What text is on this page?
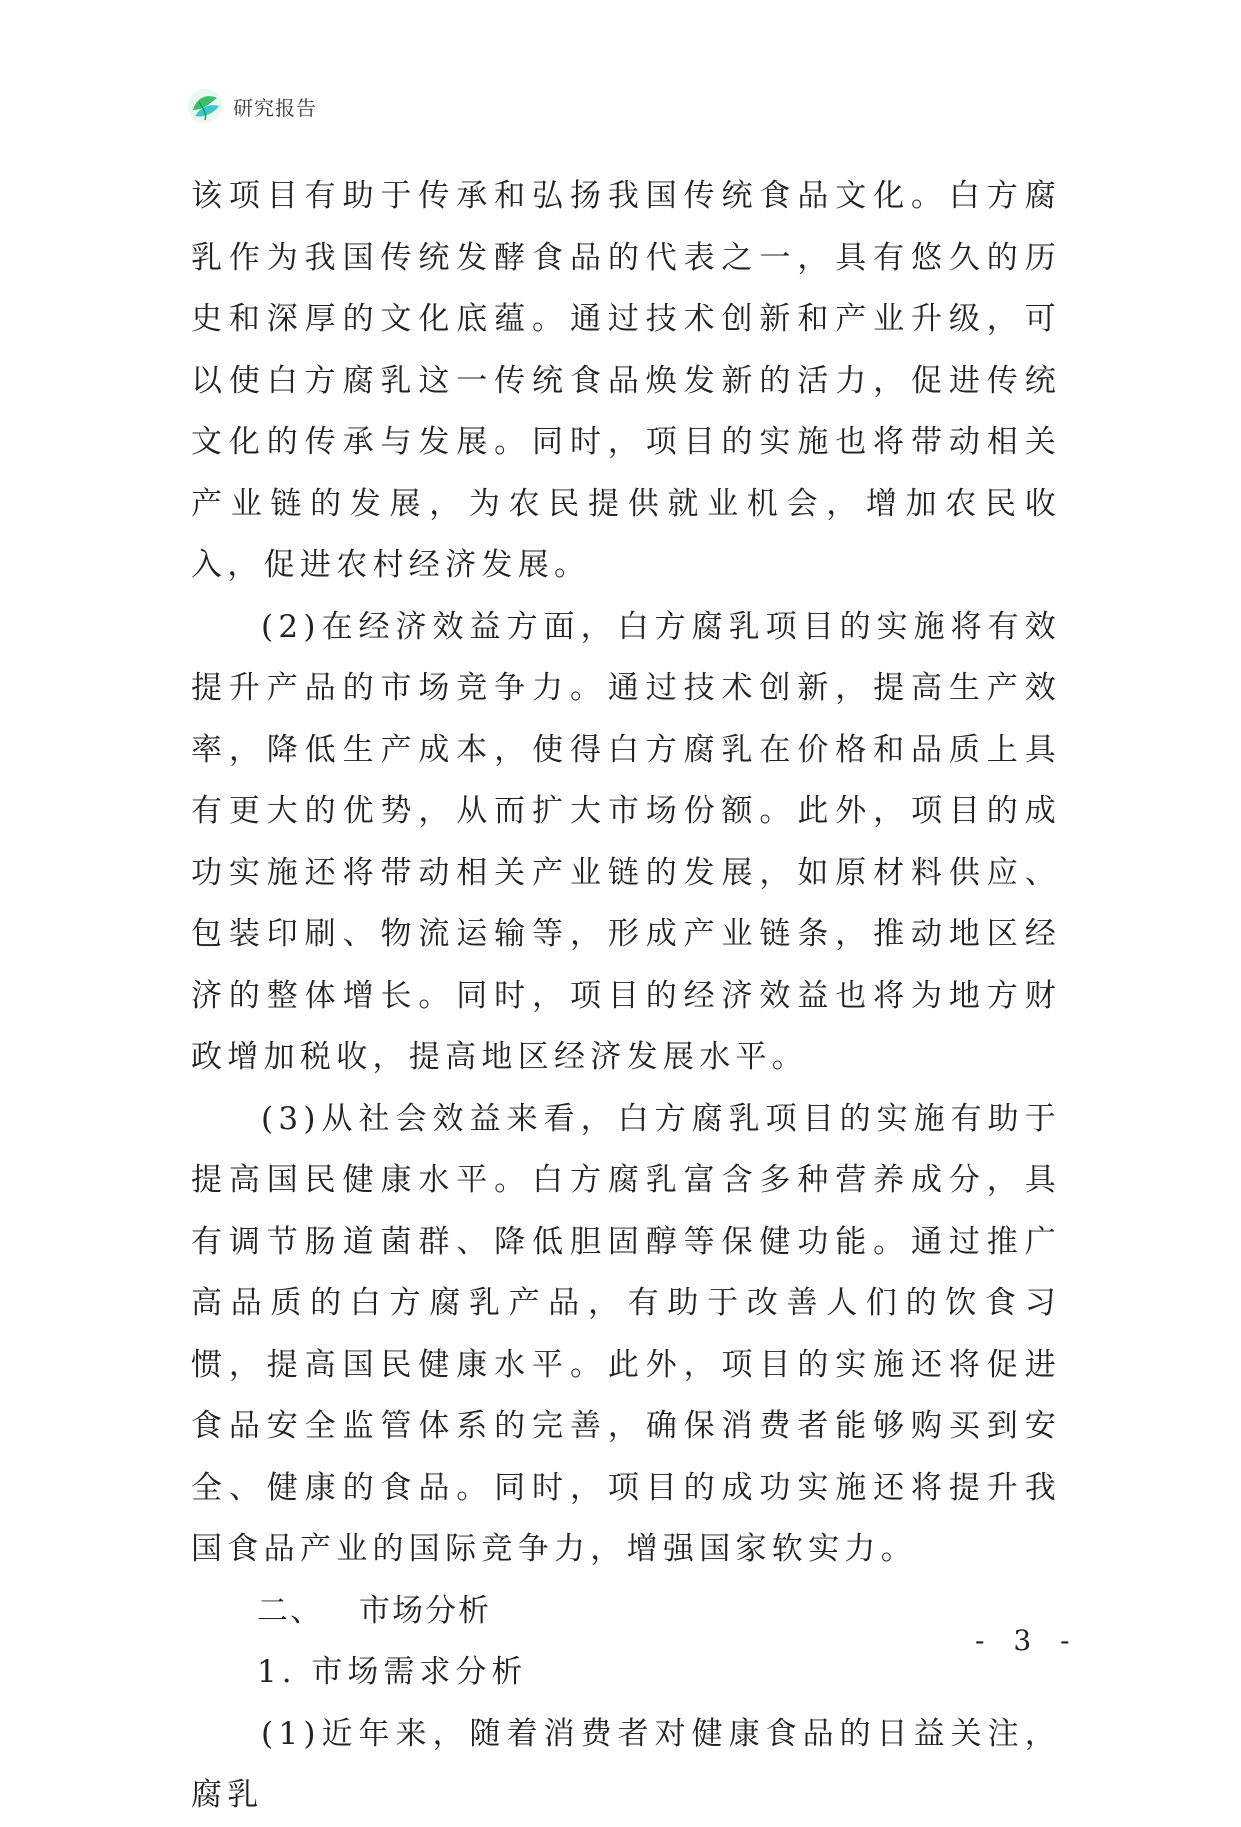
研究报告

该项目有助于传承和弘扬我国传统食品文化。白方腐乳作为我国传统发酵食品的代表之一，具有悠久的历史和深厚的文化底蕴。通过技术创新和产业升级，可以使白方腐乳这一传统食品焕发新的活力，促进传统文化的传承与发展。同时，项目的实施也将带动相关产业链的发展，为农民提供就业机会，增加农民收入，促进农村经济发展。

(2)在经济效益方面，白方腐乳项目的实施将有效提升产品的市场竞争力。通过技术创新，提高生产效率，降低生产成本，使得白方腐乳在价格和品质上具有更大的优势，从而扩大市场份额。此外，项目的成功实施还将带动相关产业链的发展，如原材料供应、包装印刷、物流运输等，形成产业链条，推动地区经济的整体增长。同时，项目的经济效益也将为地方财政增加税收，提高地区经济发展水平。

(3)从社会效益来看，白方腐乳项目的实施有助于提高国民健康水平。白方腐乳富含多种营养成分，具有调节肠道菌群、降低胆固醇等保健功能。通过推广高品质的白方腐乳产品，有助于改善人们的饮食习惯，提高国民健康水平。此外，项目的实施还将促进食品安全监管体系的完善，确保消费者能够购买到安全、健康的食品。同时，项目的成功实施还将提升我国食品产业的国际竞争力，增强国家软实力。

二、 市场分析

1. 市场需求分析

(1)近年来，随着消费者对健康食品的日益关注，腐乳

- 3 -
